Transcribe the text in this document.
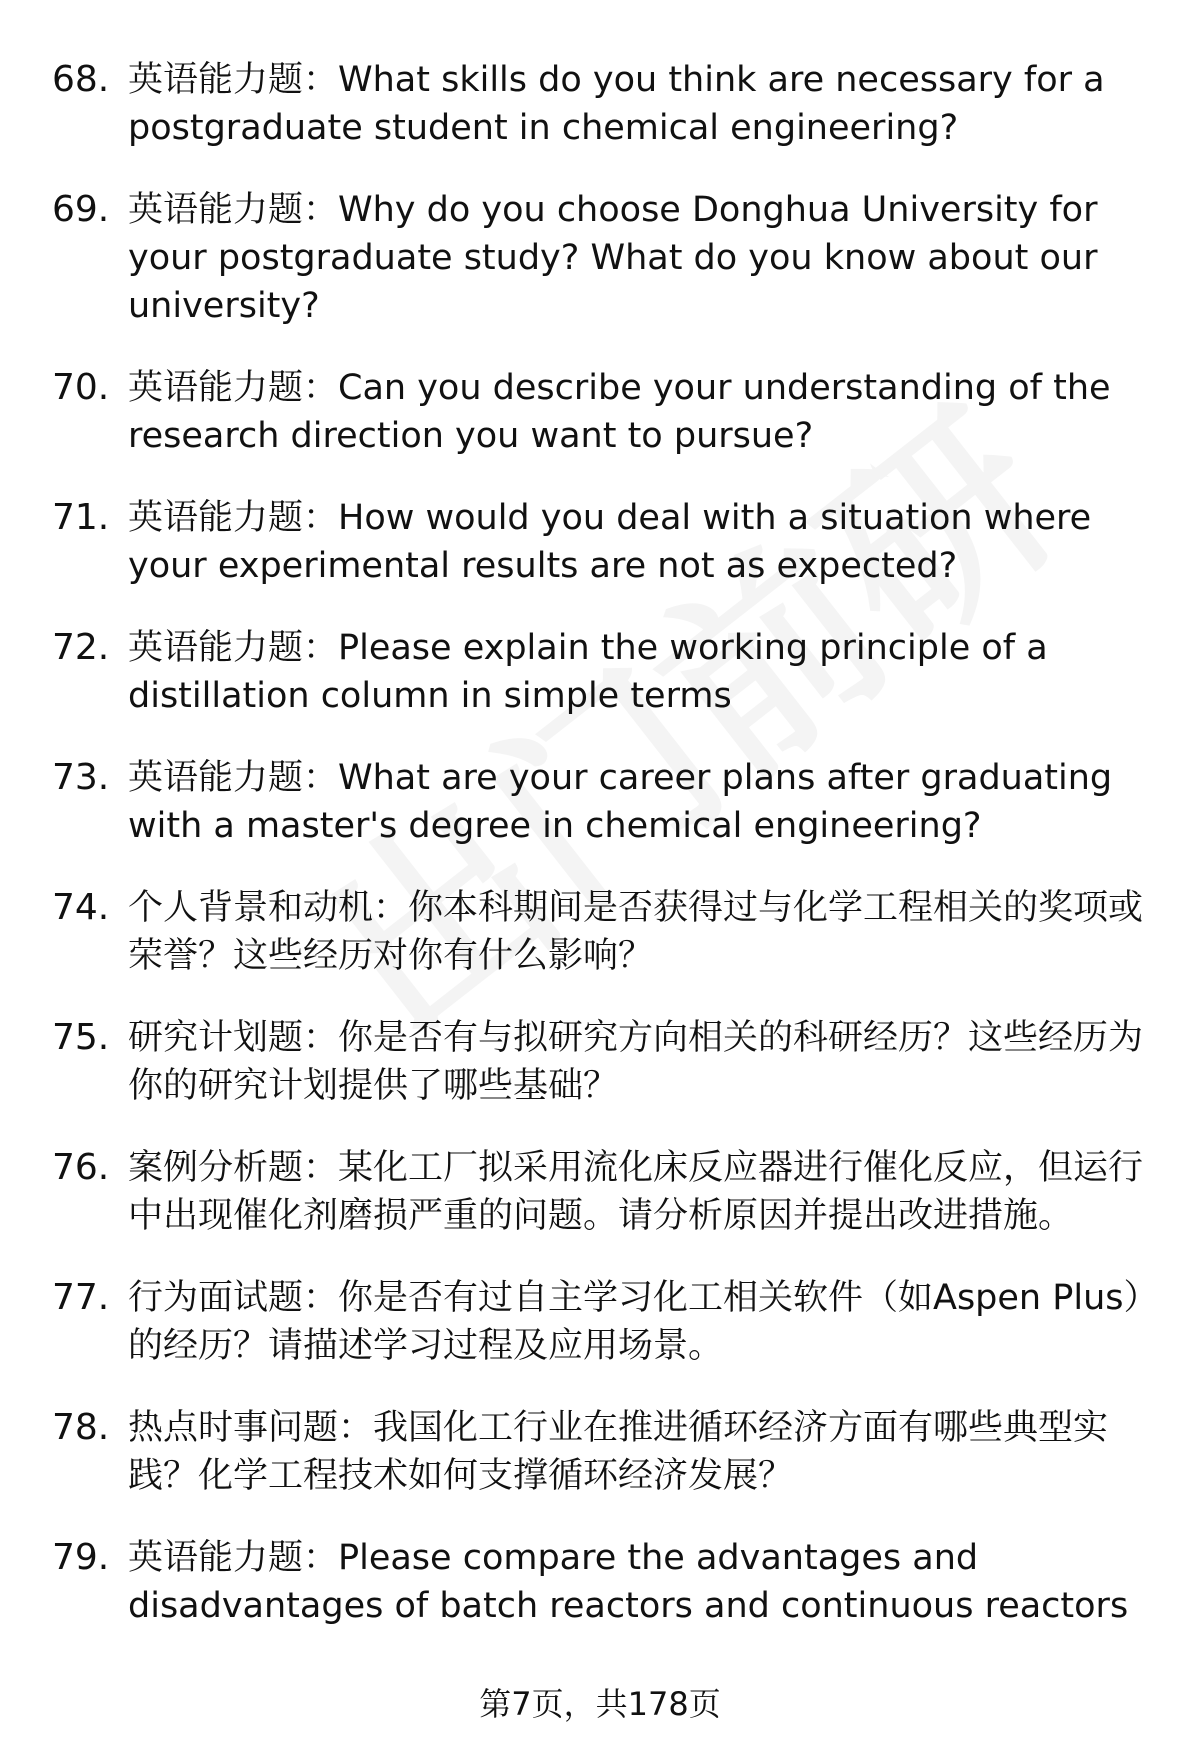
68. 英语能力题：What skills do you think are necessary for a postgraduate student in chemical engineering?
69. 英语能力题：Why do you choose Donghua University for your postgraduate study? What do you know about our university?
70. 英语能力题：Can you describe your understanding of the research direction you want to pursue?
71. 英语能力题：How would you deal with a situation where your experimental results are not as expected?
72. 英语能力题：Please explain the working principle of a distillation column in simple terms
73. 英语能力题：What are your career plans after graduating with a master's degree in chemical engineering?
74. 个人背景和动机：你本科期间是否获得过与化学工程相关的奖项或荣誉？这些经历对你有什么影响？
75. 研究计划题：你是否有与拟研究方向相关的科研经历？这些经历为你的研究计划提供了哪些基础？
76. 案例分析题：某化工厂拟采用流化床反应器进行催化反应，但运行中出现催化剂磨损严重的问题。请分析原因并提出改进措施。
77. 行为面试题：你是否有过自主学习化工相关软件（如Aspen Plus）的经历？请描述学习过程及应用场景。
78. 热点时事问题：我国化工行业在推进循环经济方面有哪些典型实践？化学工程技术如何支撑循环经济发展？
79. 英语能力题：Please compare the advantages and disadvantages of batch reactors and continuous reactors
第7页，共178页
